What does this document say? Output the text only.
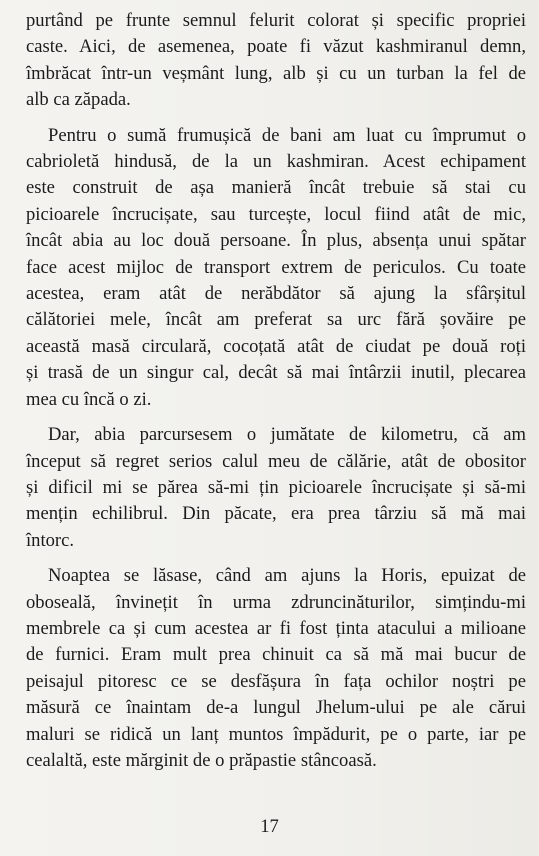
purtând pe frunte semnul felurit colorat și specific propriei
caste. Aici, de asemenea, poate fi văzut kashmiranul demn,
îmbrăcat într-un veșmânt lung, alb și cu un turban la fel de
alb ca zăpada.

Pentru o sumă frumușică de bani am luat cu împrumut o
cabrioletă hindusă, de la un kashmiran. Acest echipament
este construit de așa manieră încât trebuie să stai cu
picioarele încrucișate, sau turcește, locul fiind atât de mic,
încât abia au loc două persoane. În plus, absența unui spătar
face acest mijloc de transport extrem de periculos. Cu toate
acestea, eram atât de nerăbdător să ajung la sfârșitul
călătoriei mele, încât am preferat sa urc fără șovăire pe
această masă circulară, cocoțată atât de ciudat pe două roți
și trasă de un singur cal, decât să mai întârzii inutil, plecarea
mea cu încă o zi.

Dar, abia parcursesem o jumătate de kilometru, că am
început să regret serios calul meu de călărie, atât de obositor
și dificil mi se părea să-mi țin picioarele încrucișate și să-mi
mențin echilibrul. Din păcate, era prea târziu să mă mai
întorc.

Noaptea se lăsase, când am ajuns la Horis, epuizat de
oboseală, învinețit în urma zdruncinăturilor, simțindu-mi
membrele ca și cum acestea ar fi fost ținta atacului a milioane
de furnici. Eram mult prea chinuit ca să mă mai bucur de
peisajul pitoresc ce se desfășura în fața ochilor noștri pe
măsură ce înaintam de-a lungul Jhelum-ului pe ale cărui
maluri se ridică un lanț muntos împădurit, pe o parte, iar pe
cealaltă, este mărginit de o prăpastie stâncoasă.

17
